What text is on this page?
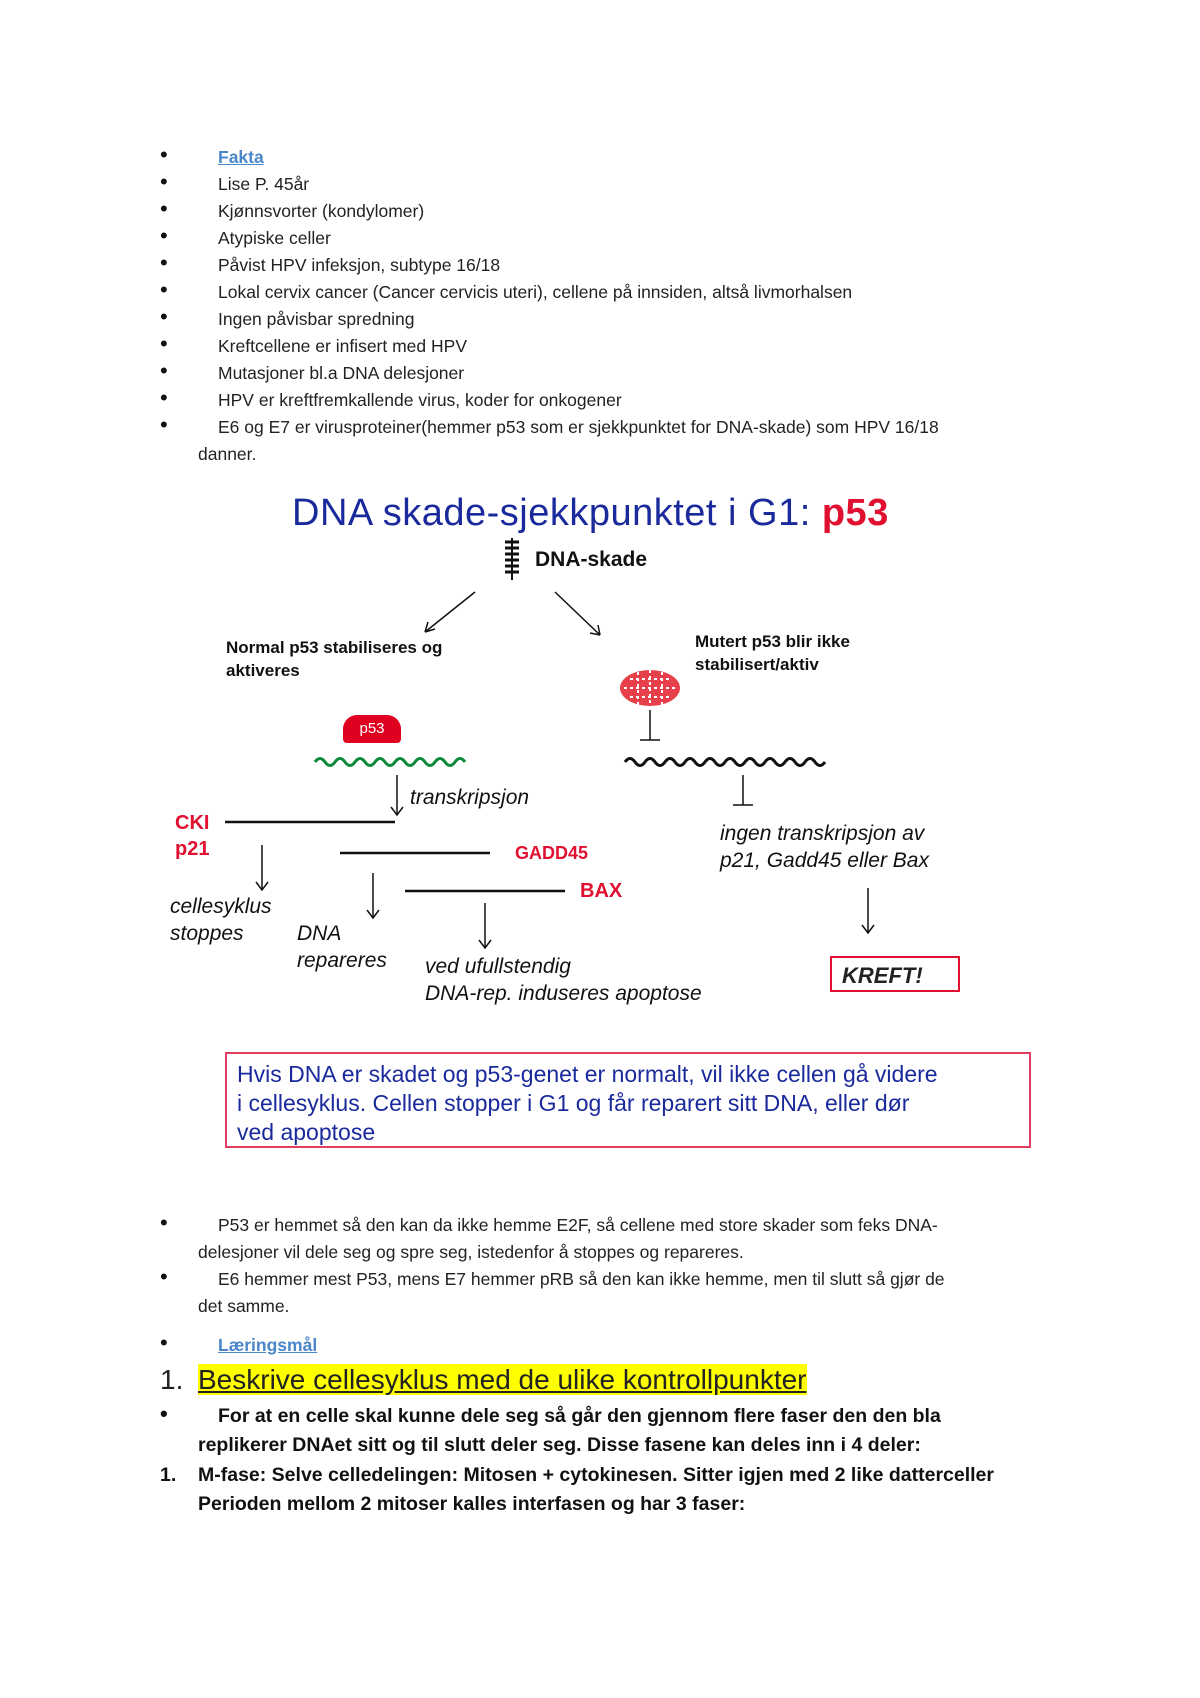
• Fakta
• Lise P. 45år
• Kjønnsvorter (kondylomer)
• Atypiske celler
• Påvist HPV infeksjon, subtype 16/18
• Lokal cervix cancer (Cancer cervicis uteri), cellene på innsiden, altså livmorhalsen
• Ingen påvisbar spredning
• Kreftcellene er infisert med HPV
• Mutasjoner bl.a DNA delesjoner
• HPV er kreftfremkallende virus, koder for onkogener
• E6 og E7 er virusproteiner(hemmer p53 som er sjekkpunktet for DNA-skade) som HPV 16/18
danner.
DNA skade-sjekkpunktet i G1: p53
DNA-skade
Normal p53 stabiliseres og
aktiveres
p53
Mutert p53 blir ikke
stabilisert/aktiv
transkripsjon
CKI
p21	GADD45
BAX
cellesyklus
stoppes	DNA
repareres ved ufullstendig
DNA-rep. induseres apoptose
ingen transkripsjon av
p21, Gadd45 eller Bax
KREFT!
Hvis DNA er skadet og p53-genet er normalt, vil ikke cellen gå videre
i cellesyklus. Cellen stopper i G1 og får reparert sitt DNA, eller dør
ved apoptose
• P53 er hemmet så den kan da ikke hemme E2F, så cellene med store skader som feks DNA-
delesjoner vil dele seg og spre seg, istedenfor å stoppes og repareres.
• E6 hemmer mest P53, mens E7 hemmer pRB så den kan ikke hemme, men til slutt så gjør de
det samme.
• Læringsmål
1. Beskrive cellesyklus med de ulike kontrollpunkter
• For at en celle skal kunne dele seg så går den gjennom flere faser den den bla
replikerer DNAet sitt og til slutt deler seg. Disse fasene kan deles inn i 4 deler:
1.	M-fase: Selve celledelingen: Mitosen + cytokinesen. Sitter igjen med 2 like datterceller
Perioden mellom 2 mitoser kalles interfasen og har 3 faser:
